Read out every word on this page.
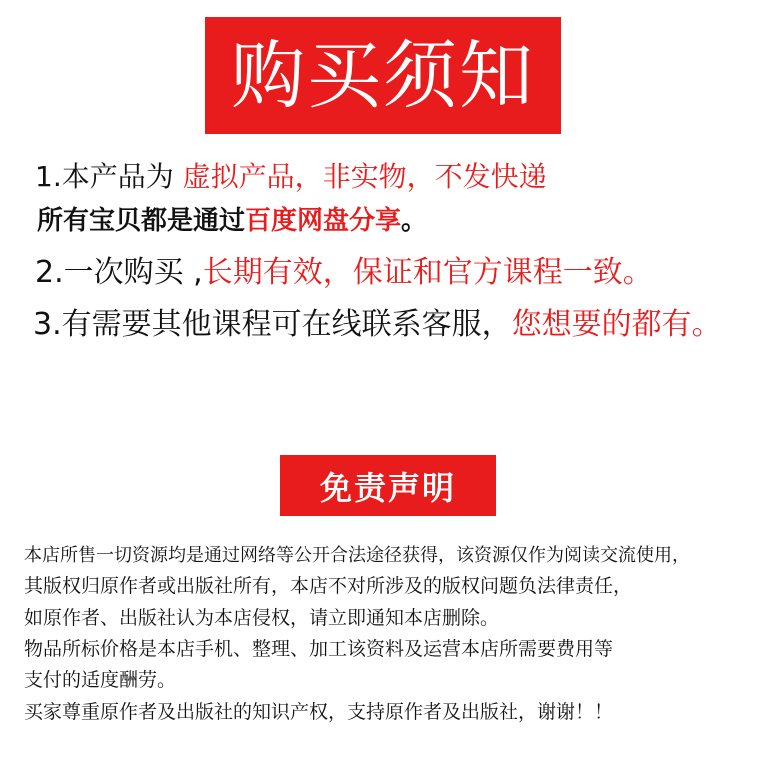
购买须知
1.本产品为 虚拟产品，非实物，不发快递
所有宝贝都是通过百度网盘分享。
2.一次购买 ,长期有效，保证和官方课程一致。
3.有需要其他课程可在线联系客服，您想要的都有。
免责声明
本店所售一切资源均是通过网络等公开合法途径获得，该资源仅作为阅读交流使用，
其版权归原作者或出版社所有，本店不对所涉及的版权问题负法律责任，
如原作者、出版社认为本店侵权，请立即通知本店删除。
物品所标价格是本店手机、整理、加工该资料及运营本店所需要费用等
支付的适度酬劳。
买家尊重原作者及出版社的知识产权，支持原作者及出版社，谢谢！！
